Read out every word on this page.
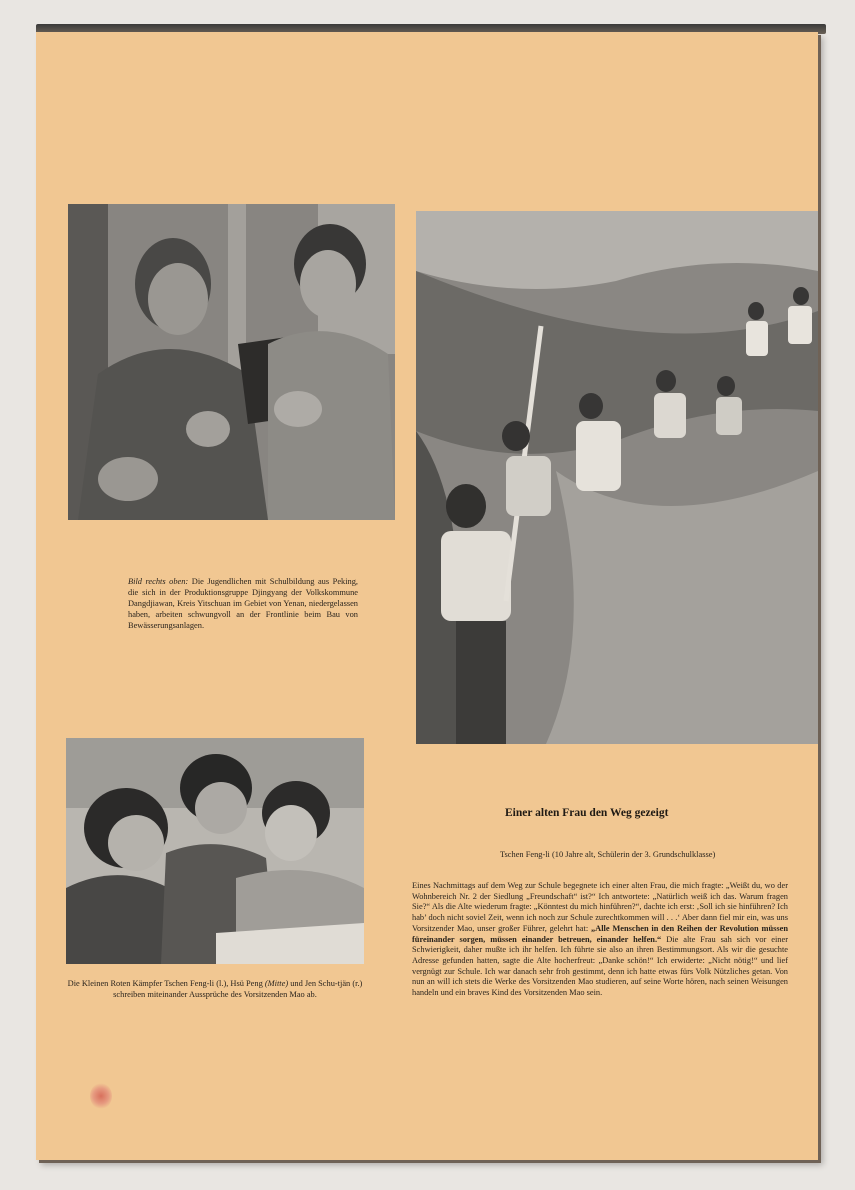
Bild rechts oben: Die Jugendlichen mit Schulbildung aus Peking, die sich in der Produktionsgruppe Djingyang der Volkskommune Dangdjiawan, Kreis Yitschuan im Gebiet von Yenan, niedergelassen haben, arbeiten schwungvoll an der Frontlinie beim Bau von Bewässerungsanlagen.
Die Kleinen Roten Kämpfer Tschen Feng-li (l.), Hsü Peng (Mitte) und Jen Schu-tjän (r.) schreiben miteinander Aussprüche des Vorsitzenden Mao ab.
Einer alten Frau den Weg gezeigt
Tschen Feng-li (10 Jahre alt, Schülerin der 3. Grundschulklasse)
Eines Nachmittags auf dem Weg zur Schule begegnete ich einer alten Frau, die mich fragte: „Weißt du, wo der Wohnbereich Nr. 2 der Siedlung „Freundschaft“ ist?“ Ich antwortete: „Natürlich weiß ich das. Warum fragen Sie?“ Als die Alte wiederum fragte: „Könntest du mich hinführen?“, dachte ich erst: ‚Soll ich sie hinführen? Ich hab’ doch nicht soviel Zeit, wenn ich noch zur Schule zurechtkommen will . . .‘ Aber dann fiel mir ein, was uns Vorsitzender Mao, unser großer Führer, gelehrt hat: „Alle Menschen in den Reihen der Revolution müssen füreinander sorgen, müssen einander betreuen, einander helfen.“ Die alte Frau sah sich vor einer Schwierigkeit, daher mußte ich ihr helfen. Ich führte sie also an ihren Bestimmungsort. Als wir die gesuchte Adresse gefunden hatten, sagte die Alte hocherfreut: „Danke schön!“ Ich erwiderte: „Nicht nötig!“ und lief vergnügt zur Schule. Ich war danach sehr froh gestimmt, denn ich hatte etwas fürs Volk Nützliches getan. Von nun an will ich stets die Werke des Vorsitzenden Mao studieren, auf seine Worte hören, nach seinen Weisungen handeln und ein braves Kind des Vorsitzenden Mao sein.
